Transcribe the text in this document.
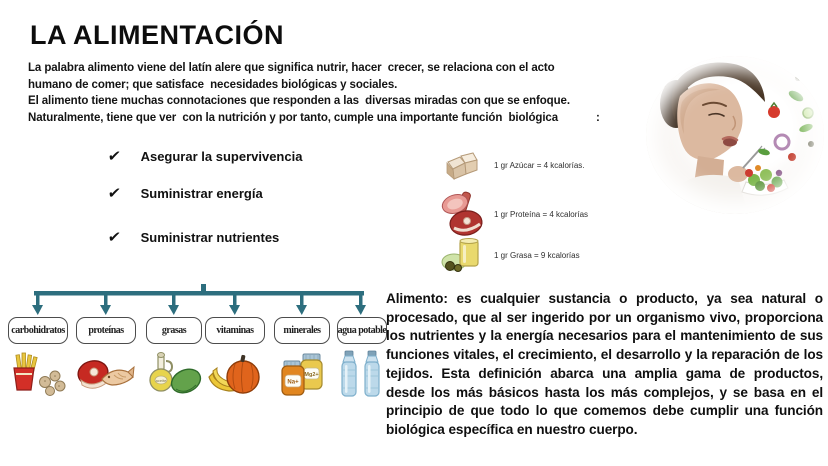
LA ALIMENTACIÓN
La palabra alimento viene del latín alere que significa nutrir, hacer  crecer, se relaciona con el acto
humano de comer; que satisface  necesidades biológicas y sociales.
El alimento tiene muchas connotaciones que responden a las  diversas miradas con que se enfoque.
Naturalmente, tiene que ver  con la nutrición y por tanto, cumple una importante función  biológica	:
✔ Asegurar la supervivencia
✔ Suministrar energía
✔ Suministrar nutrientes
1 gr Azúcar = 4 kcalorías.
1 gr Proteína = 4 kcalorías
1 gr Grasa = 9 kcalorías
carbohidratos proteínas	grasas	vitaminas	minerales agua potable
aceite
Mg2+
Na+

Alimento: es cualquier sustancia o producto, ya sea natural o procesado, que al ser ingerido por un organismo vivo, proporciona los nutrientes y la energía necesarios para el mantenimiento de sus funciones vitales, el crecimiento, el desarrollo y la reparación de los tejidos. Esta definición abarca una amplia gama de productos, desde los más básicos hasta los más complejos, y se basa en el principio de que todo lo que comemos debe cumplir una función biológica específica en nuestro cuerpo.
